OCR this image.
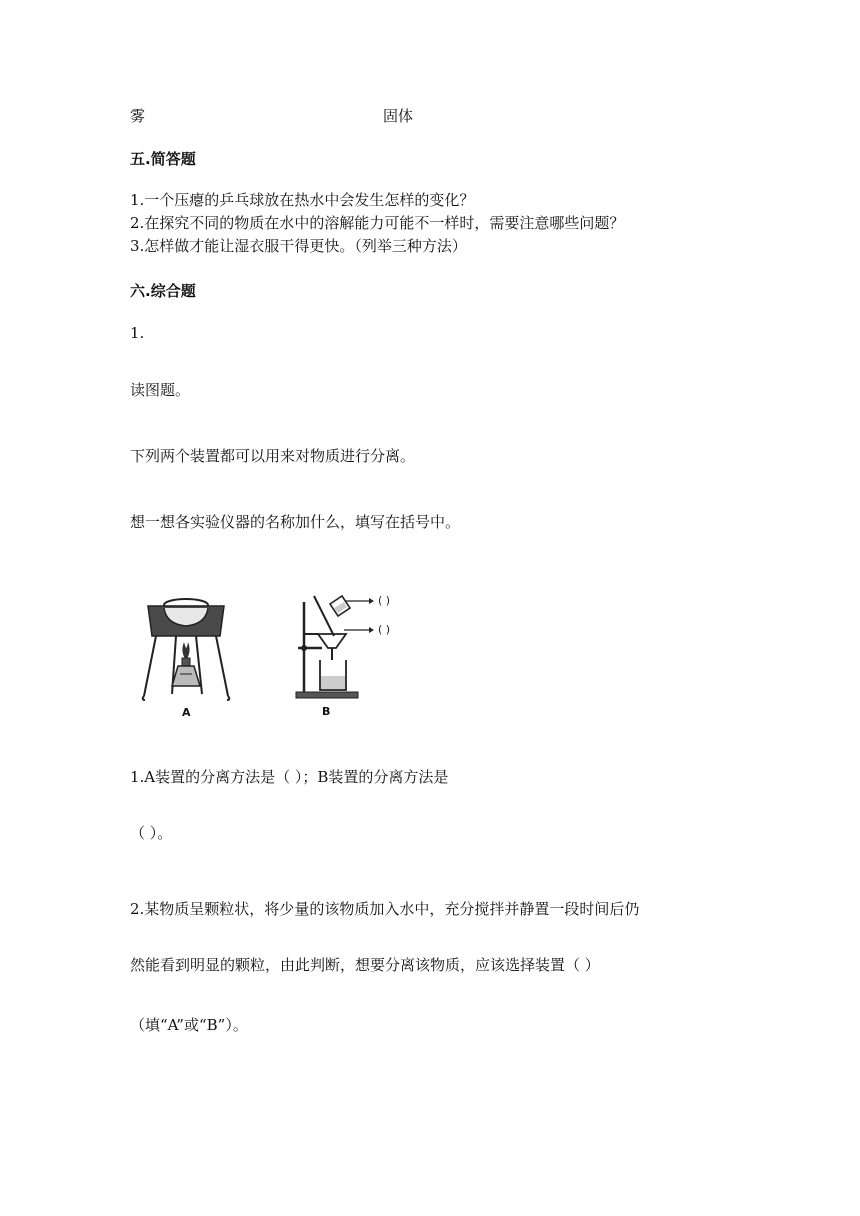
雾	固体
五.简答题
1.一个压瘪的乒乓球放在热水中会发生怎样的变化？
2.在探究不同的物质在水中的溶解能力可能不一样时，需要注意哪些问题？
3.怎样做才能让湿衣服干得更快。（列举三种方法）
六.综合题
1.
读图题。
下列两个装置都可以用来对物质进行分离。
想一想各实验仪器的名称加什么，填写在括号中。
A
( )
( )
B
1.A装置的分离方法是（ ）；B装置的分离方法是
（ ）。
2.某物质呈颗粒状，将少量的该物质加入水中，充分搅拌并静置一段时间后仍
然能看到明显的颗粒，由此判断，想要分离该物质，应该选择装置（ ）
（填“A”或“B”）。
